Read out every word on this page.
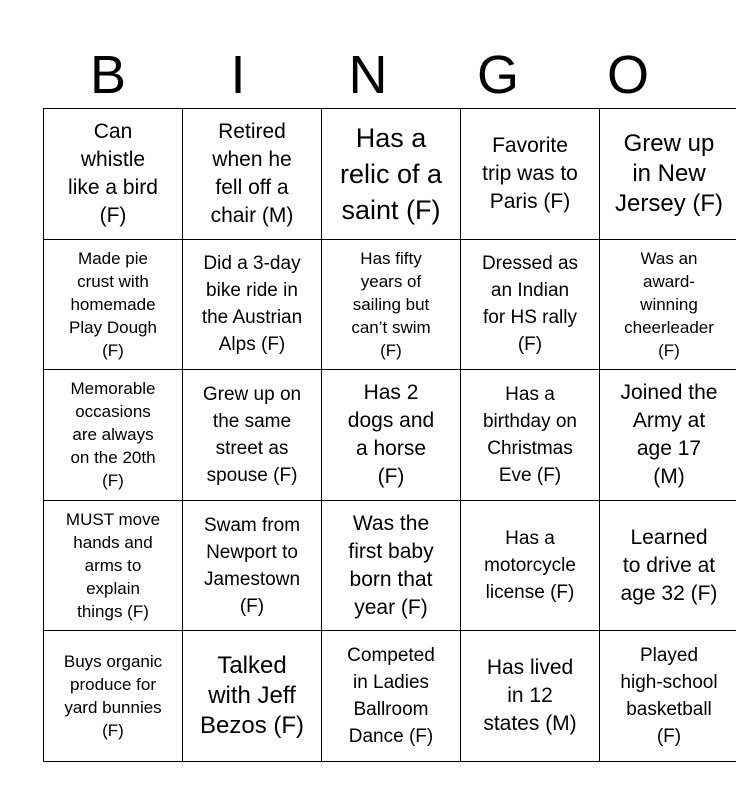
B	I	N	G	O
Can
whistle
like a bird
(F)	Retired
when he
fell off a
chair (M)	Has a
relic of a
saint (F)	Favorite
trip was to
Paris (F)	Grew up
in New
Jersey (F)
Made pie
crust with
homemade
Play Dough
(F)	Did a 3-day
bike ride in
the Austrian
Alps (F)	Has fifty
years of
sailing but
can’t swim
(F)	Dressed as
an Indian
for HS rally
(F)	Was an
award-
winning
cheerleader
(F)
Memorable
occasions
are always
on the 20th
(F)	Grew up on
the same
street as
spouse (F)	Has 2
dogs and
a horse
(F)	Has a
birthday on
Christmas
Eve (F)	Joined the
Army at
age 17
(M)
MUST move
hands and
arms to
explain
things (F)	Swam from
Newport to
Jamestown
(F)	Was the
first baby
born that
year (F)	Has a
motorcycle
license (F)	Learned
to drive at
age 32 (F)
Buys organic
produce for
yard bunnies
(F)	Talked
with Jeff
Bezos (F)	Competed
in Ladies
Ballroom
Dance (F)	Has lived
in 12
states (M)	Played
high-school
basketball
(F)
